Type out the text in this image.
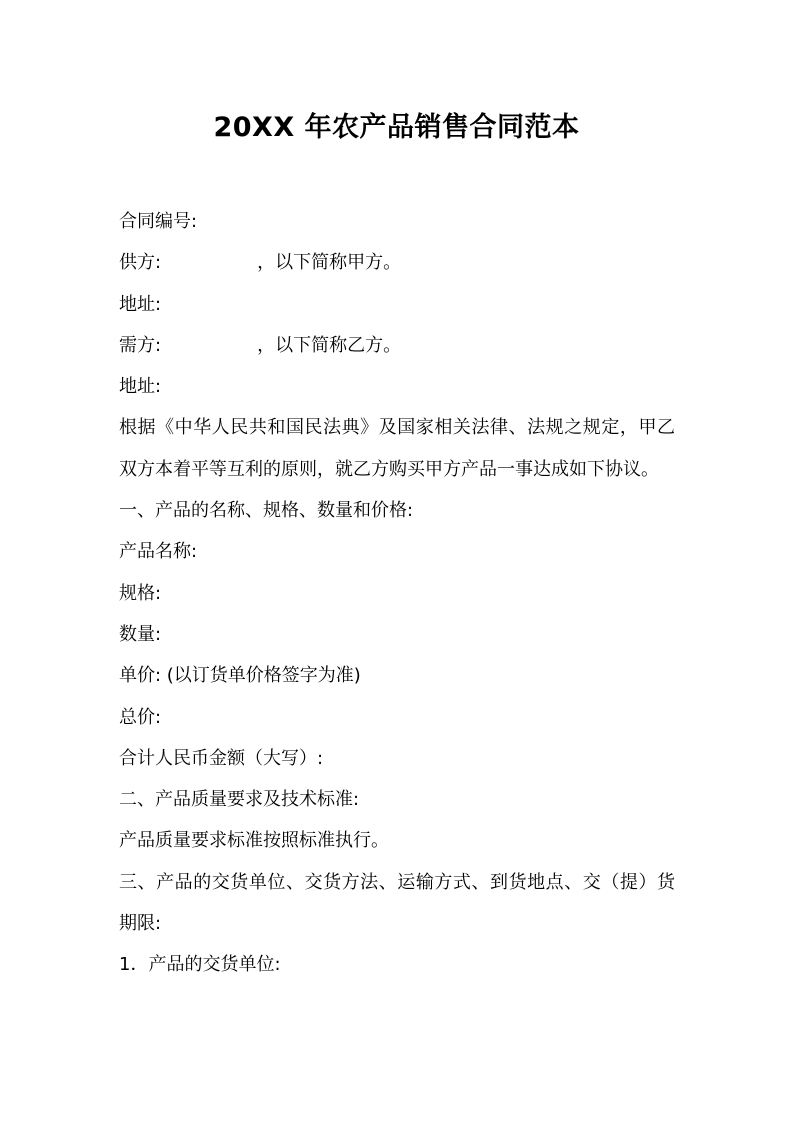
20XX 年农产品销售合同范本
合同编号:
供方:	，以下简称甲方。
地址:
需方:	，以下简称乙方。
地址:
根据《中华人民共和国民法典》及国家相关法律、法规之规定，甲乙
双方本着平等互利的原则，就乙方购买甲方产品一事达成如下协议。
一、产品的名称、规格、数量和价格:
产品名称:
规格:
数量:
单价: (以订货单价格签字为准)
总价:
合计人民币金额（大写）:
二、产品质量要求及技术标准:
产品质量要求标准按照标准执行。
三、产品的交货单位、交货方法、运输方式、到货地点、交（提）货
期限:
1．产品的交货单位:
